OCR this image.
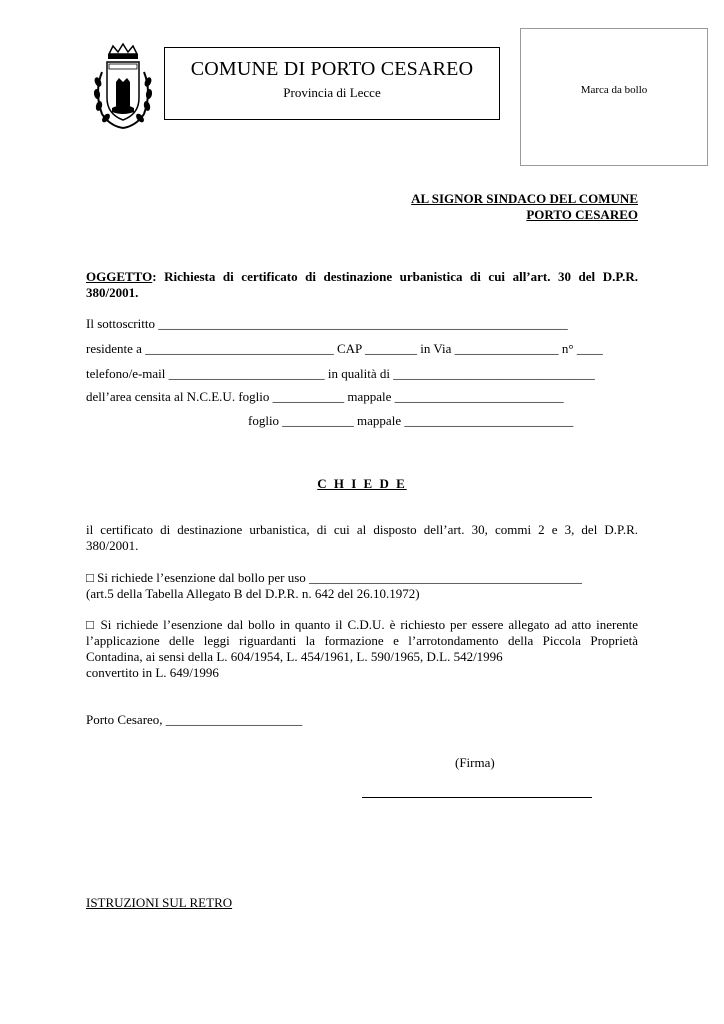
COMUNE DI PORTO CESAREO
Provincia di Lecce	Marca da bollo
AL SIGNOR SINDACO DEL COMUNE
PORTO CESAREO
OGGETTO: Richiesta di certificato di destinazione urbanistica di cui all’art. 30 del D.P.R.
380/2001.
Il sottoscritto _______________________________________________________________
residente a _____________________________ CAP ________ in Via ________________ n° ____
telefono/e-mail ________________________ in qualità di _______________________________
dell’area censita al N.C.E.U. foglio ___________ mappale __________________________
foglio ___________ mappale __________________________
C H I E D E
il certificato di destinazione urbanistica, di cui al disposto dell’art. 30, commi 2 e 3, del D.P.R.
380/2001.
□ Si richiede l’esenzione dal bollo per uso __________________________________________
(art.5 della Tabella Allegato B del D.P.R. n. 642 del 26.10.1972)
□ Si richiede l’esenzione dal bollo in quanto il C.D.U. è richiesto per essere allegato ad atto inerente
l’applicazione delle leggi riguardanti la formazione e l’arrotondamento della Piccola Proprietà
Contadina, ai sensi della L. 604/1954, L. 454/1961, L. 590/1965, D.L. 542/1996
convertito in L. 649/1996
Porto Cesareo, _____________________
(Firma)
ISTRUZIONI SUL RETRO
